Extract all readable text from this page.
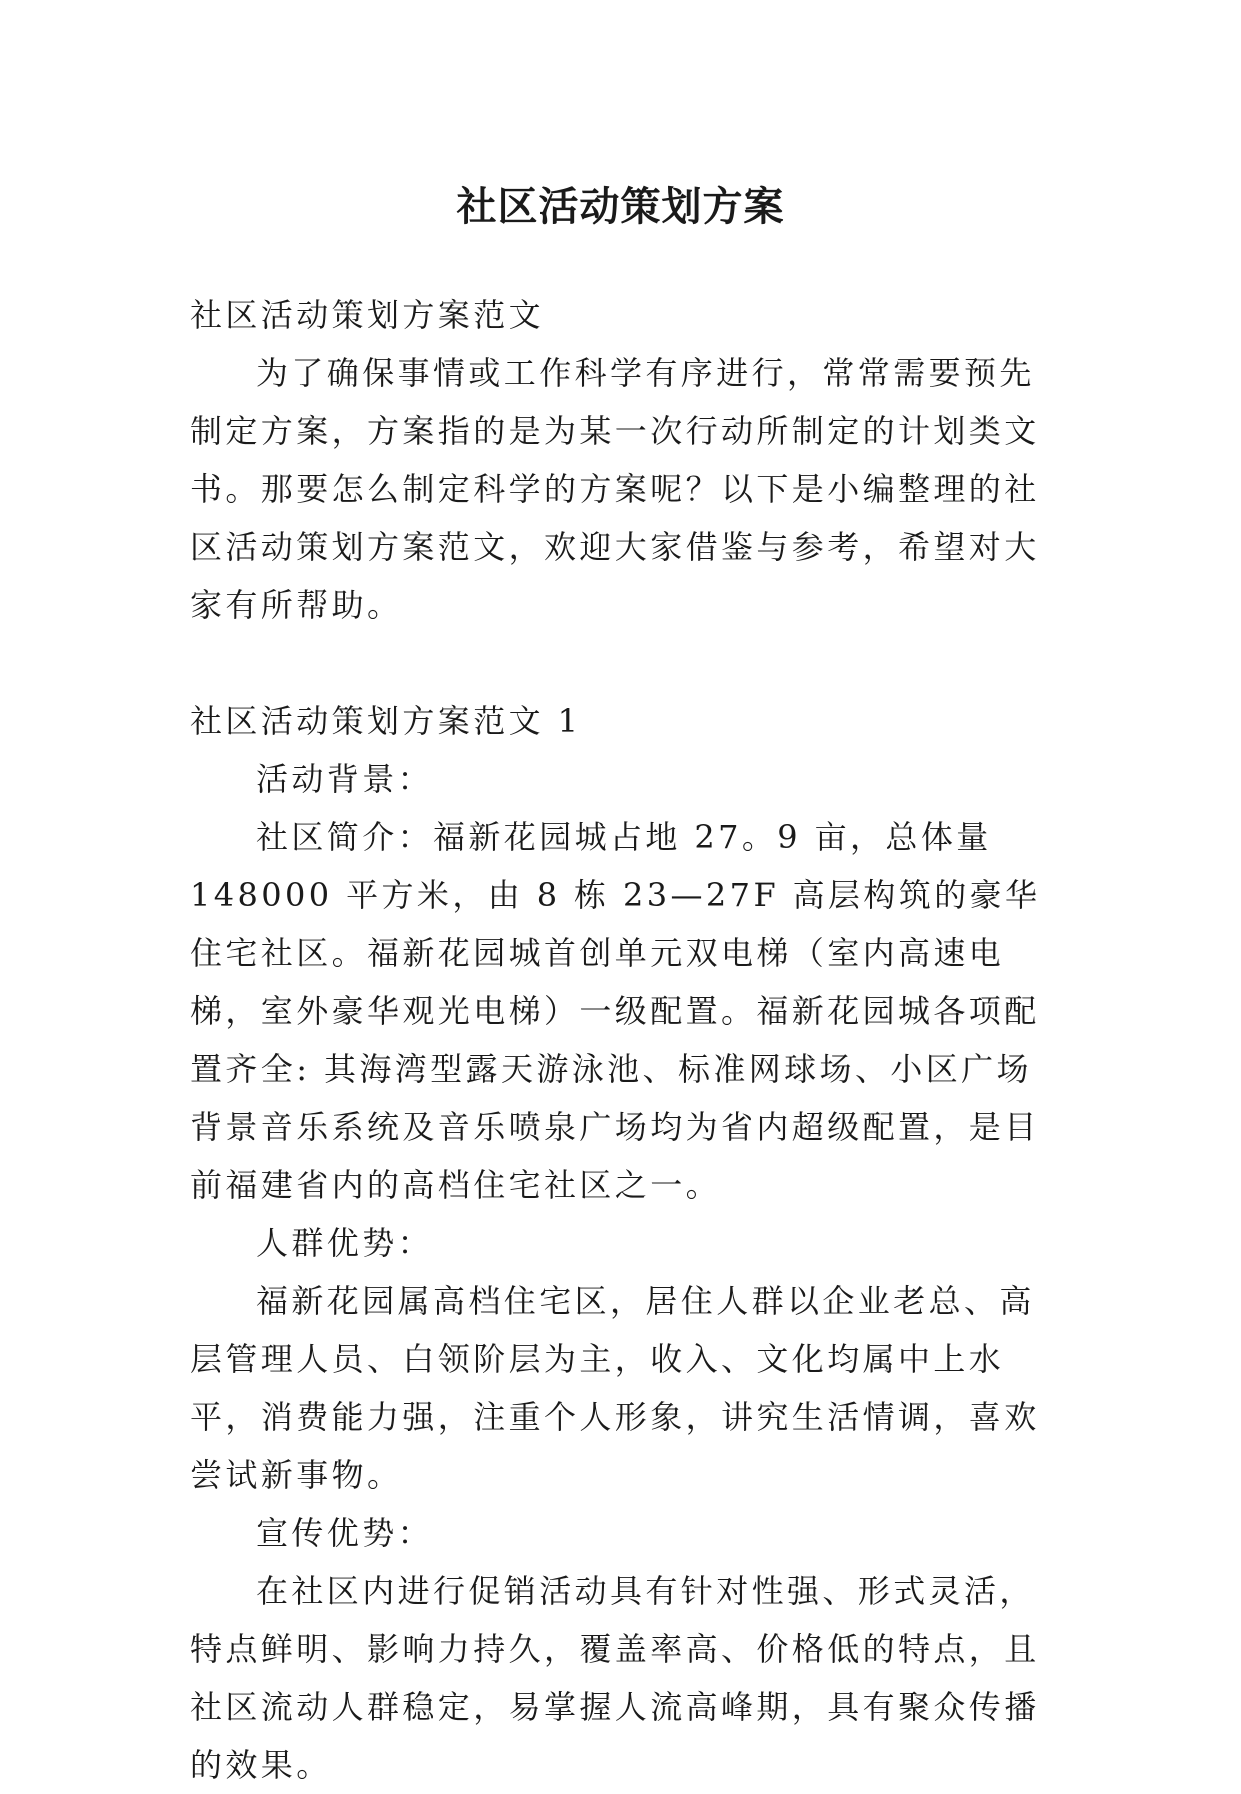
社区活动策划方案

社区活动策划方案范文

为了确保事情或工作科学有序进行，常常需要预先制定方案，方案指的是为某一次行动所制定的计划类文书。那要怎么制定科学的方案呢？以下是小编整理的社区活动策划方案范文，欢迎大家借鉴与参考，希望对大家有所帮助。

社区活动策划方案范文 1

活动背景：

社区简介：福新花园城占地 27。9 亩，总体量 148000 平方米，由 8 栋 23—27F 高层构筑的豪华住宅社区。福新花园城首创单元双电梯（室内高速电梯，室外豪华观光电梯）一级配置。福新花园城各项配置齐全: 其海湾型露天游泳池、标准网球场、小区广场背景音乐系统及音乐喷泉广场均为省内超级配置，是目前福建省内的高档住宅社区之一。

人群优势：

福新花园属高档住宅区，居住人群以企业老总、高层管理人员、白领阶层为主，收入、文化均属中上水平，消费能力强，注重个人形象，讲究生活情调，喜欢尝试新事物。

宣传优势：

在社区内进行促销活动具有针对性强、形式灵活，特点鲜明、影响力持久，覆盖率高、价格低的特点，且社区流动人群稳定，易掌握人流高峰期，具有聚众传播的效果。
